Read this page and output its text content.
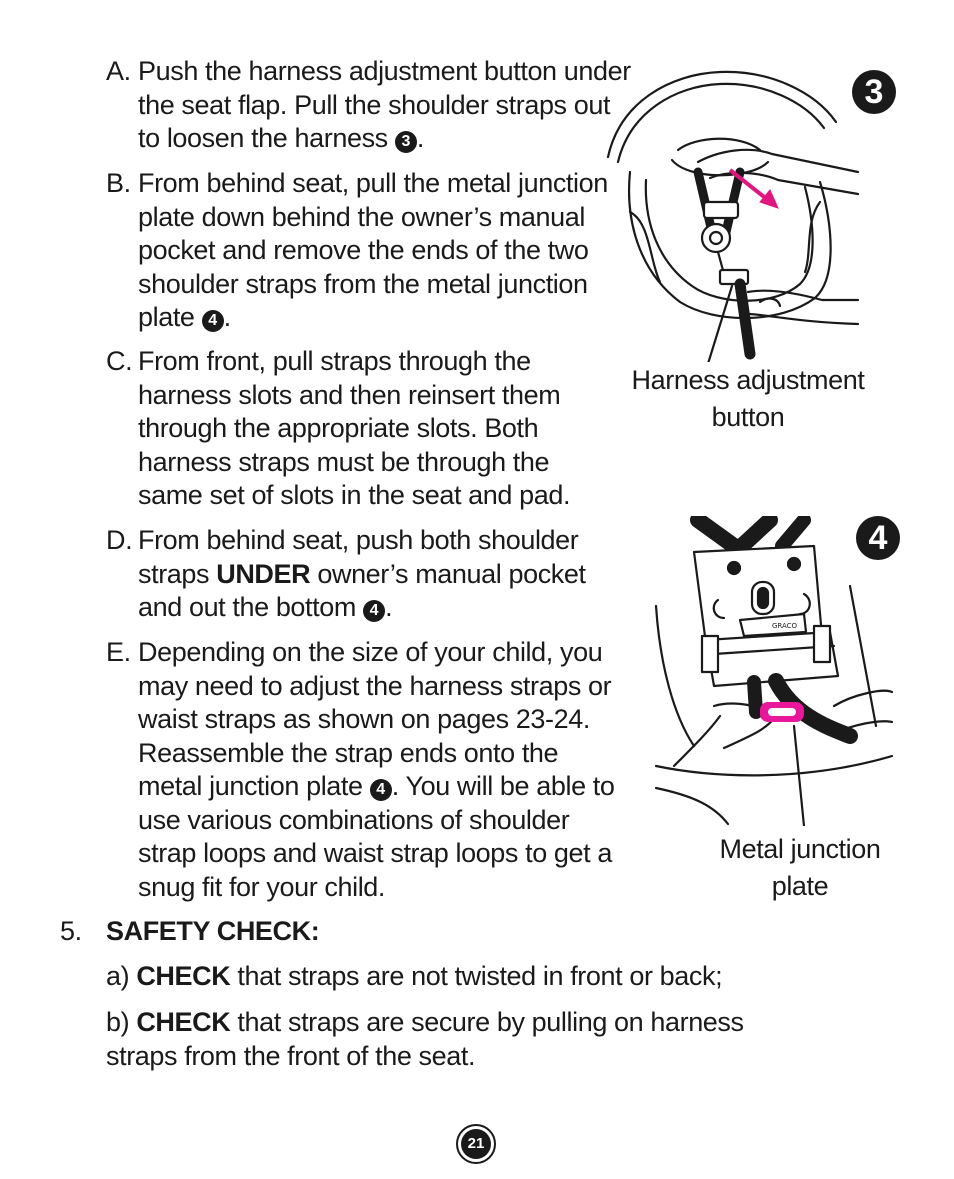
A. Push the harness adjustment button under the seat flap. Pull the shoulder straps out to loosen the harness 3 .
B. From behind seat, pull the metal junction plate down behind the owner’s manual pocket and remove the ends of the two shoulder straps from the metal junction plate 4 .
C. From front, pull straps through the harness slots and then reinsert them through the appropriate slots. Both harness straps must be through the same set of slots in the seat and pad.
D. From behind seat, push both shoulder straps UNDER owner’s manual pocket and out the bottom 4 .
E. Depending on the size of your child, you may need to adjust the harness straps or waist straps as shown on pages 23-24. Reassemble the strap ends onto the metal junction plate 4 . You will be able to use various combinations of shoulder strap loops and waist strap loops to get a snug fit for your child.
5. SAFETY CHECK:
a) CHECK that straps are not twisted in front or back;
b) CHECK that straps are secure by pulling on harness straps from the front of the seat.
3
Harness adjustment
button
4
GRACO
Metal junction
plate
21
